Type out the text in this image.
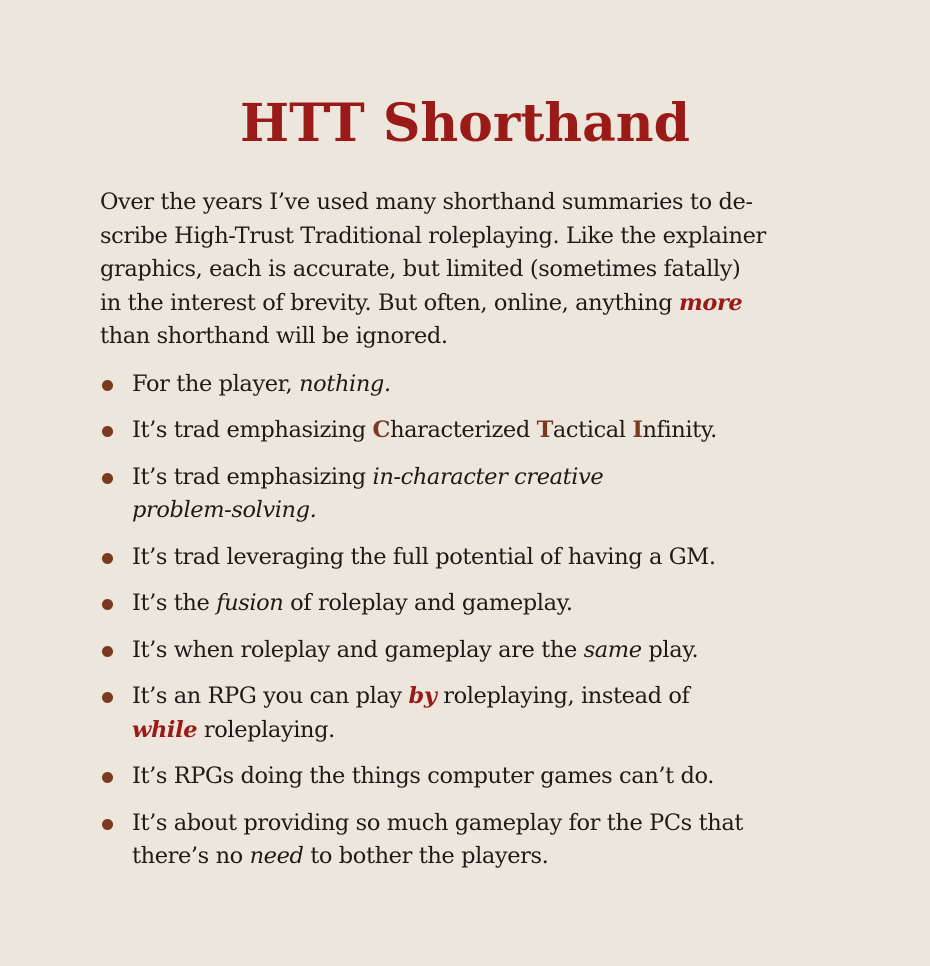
HTT Shorthand

Over the years I’ve used many shorthand summaries to de-
scribe High-Trust Traditional roleplaying. Like the explainer
graphics, each is accurate, but limited (sometimes fatally)
in the interest of brevity. But often, online, anything more
than shorthand will be ignored.

For the player, nothing.
It’s trad emphasizing Characterized Tactical Infinity.
It’s trad emphasizing in-character creative
problem-solving.
It’s trad leveraging the full potential of having a GM.
It’s the fusion of roleplay and gameplay.
It’s when roleplay and gameplay are the same play.
It’s an RPG you can play by roleplaying, instead of
while roleplaying.
It’s RPGs doing the things computer games can’t do.
It’s about providing so much gameplay for the PCs that
there’s no need to bother the players.
